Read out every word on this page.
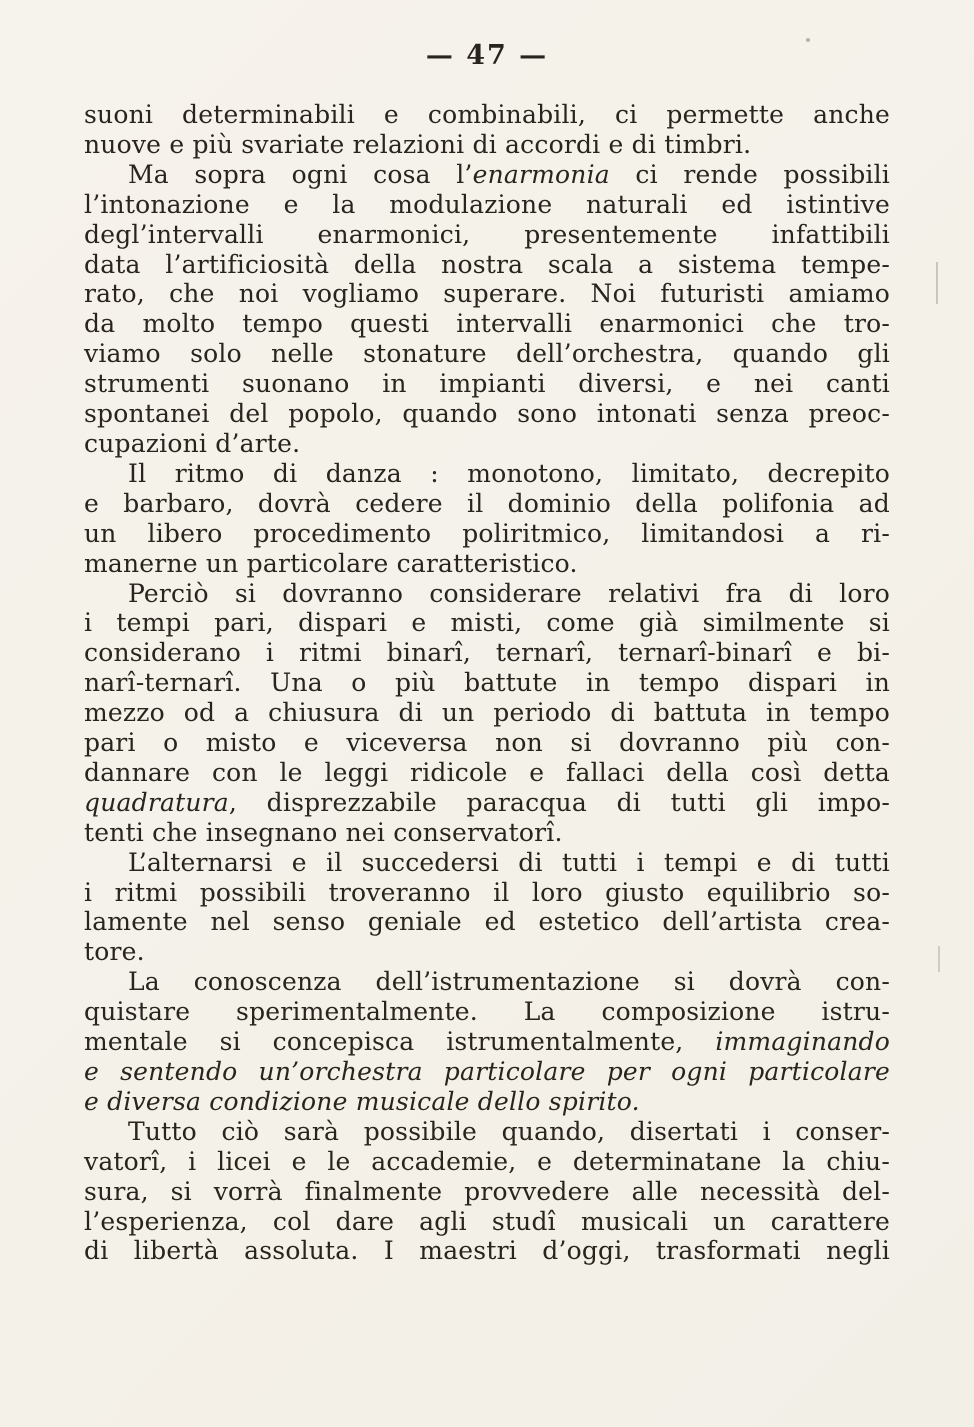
— 47 —
suoni determinabili e combinabili, ci permette anche
nuove e più svariate relazioni di accordi e di timbri.
Ma sopra ogni cosa l’enarmonia ci rende possibili
l’intonazione e la modulazione naturali ed istintive
degl’intervalli enarmonici, presentemente infattibili
data l’artificiosità della nostra scala a sistema tempe-
rato, che noi vogliamo superare. Noi futuristi amiamo
da molto tempo questi intervalli enarmonici che tro-
viamo solo nelle stonature dell’orchestra, quando gli
strumenti suonano in impianti diversi, e nei canti
spontanei del popolo, quando sono intonati senza preoc-
cupazioni d’arte.
Il ritmo di danza : monotono, limitato, decrepito
e barbaro, dovrà cedere il dominio della polifonia ad
un libero procedimento poliritmico, limitandosi a ri-
manerne un particolare caratteristico.
Perciò si dovranno considerare relativi fra di loro
i tempi pari, dispari e misti, come già similmente si
considerano i ritmi binarî, ternarî, ternarî-binarî e bi-
narî-ternarî. Una o più battute in tempo dispari in
mezzo od a chiusura di un periodo di battuta in tempo
pari o misto e viceversa non si dovranno più con-
dannare con le leggi ridicole e fallaci della così detta
quadratura, disprezzabile paracqua di tutti gli impo-
tenti che insegnano nei conservatorî.
L’alternarsi e il succedersi di tutti i tempi e di tutti
i ritmi possibili troveranno il loro giusto equilibrio so-
lamente nel senso geniale ed estetico dell’artista crea-
tore.
La conoscenza dell’istrumentazione si dovrà con-
quistare sperimentalmente. La composizione istru-
mentale si concepisca istrumentalmente, immaginando
e sentendo un’orchestra particolare per ogni particolare
e diversa condizione musicale dello spirito.
Tutto ciò sarà possibile quando, disertati i conser-
vatorî, i licei e le accademie, e determinatane la chiu-
sura, si vorrà finalmente provvedere alle necessità del-
l’esperienza, col dare agli studî musicali un carattere
di libertà assoluta. I maestri d’oggi, trasformati negli
